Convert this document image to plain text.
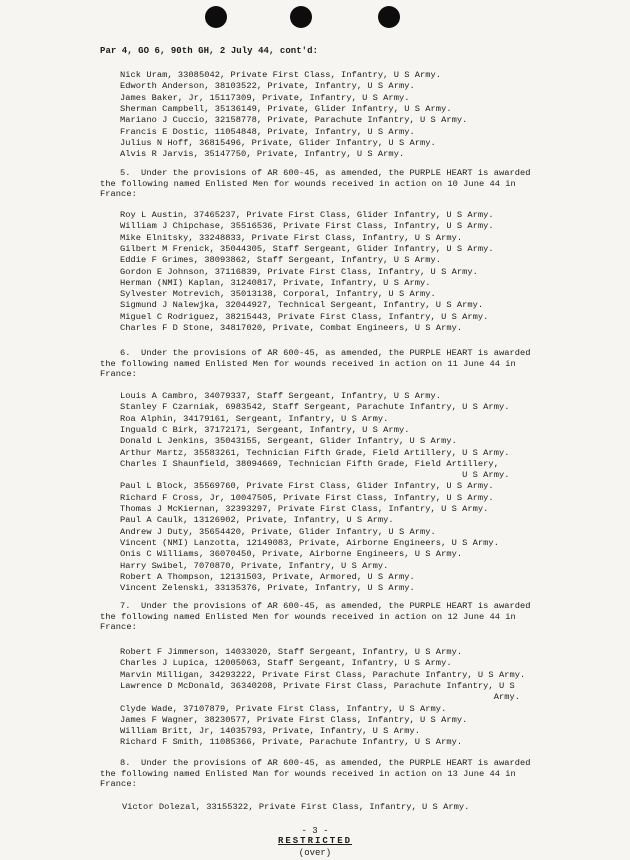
Par 4, GO 6, 90th GH, 2 July 44, cont'd:
Nick Uram, 33085042, Private First Class, Infantry, U S Army.
Edworth Anderson, 38103522, Private, Infantry, U S Army.
James Baker, Jr, 15117309, Private, Infantry, U S Army.
Sherman Campbell, 35136149, Private, Glider Infantry, U S Army.
Mariano J Cuccio, 32158778, Private, Parachute Infantry, U S Army.
Francis E Dostic, 11054848, Private, Infantry, U S Army.
Julius N Hoff, 36815496, Private, Glider Infantry, U S Army.
Alvis R Jarvis, 35147750, Private, Infantry, U S Army.
5.  Under the provisions of AR 600-45, as amended, the PURPLE HEART is awarded
the following named Enlisted Men for wounds received in action on 10 June 44 in
France:
Roy L Austin, 37465237, Private First Class, Glider Infantry, U S Army.
William J Chipchase, 35516536, Private First Class, Infantry, U S Army.
Mike Elnitsky, 33248833, Private First Class, Infantry, U S Army.
Gilbert M Frenick, 35044305, Staff Sergeant, Glider Infantry, U S Army.
Eddie F Grimes, 38093862, Staff Sergeant, Infantry, U S Army.
Gordon E Johnson, 37116839, Private First Class, Infantry, U S Army.
Herman (NMI) Kaplan, 31240817, Private, Infantry, U S Army.
Sylvester Motrevich, 35013138, Corporal, Infantry, U S Army.
Sigmund J Nalewjka, 32044927, Technical Sergeant, Infantry, U S Army.
Miguel C Rodriguez, 38215443, Private First Class, Infantry, U S Army.
Charles F D Stone, 34817020, Private, Combat Engineers, U S Army.
6.  Under the provisions of AR 600-45, as amended, the PURPLE HEART is awarded
the following named Enlisted Men for wounds received in action on 11 June 44 in
France:
Louis A Cambro, 34079337, Staff Sergeant, Infantry, U S Army.
Stanley F Czarniak, 6983542, Staff Sergeant, Parachute Infantry, U S Army.
Roa Alphin, 34179161, Sergeant, Infantry, U S Army.
Inguald C Birk, 37172171, Sergeant, Infantry, U S Army.
Donald L Jenkins, 35043155, Sergeant, Glider Infantry, U S Army.
Arthur Martz, 35583261, Technician Fifth Grade, Field Artillery, U S Army.
Charles I Shaunfield, 38094669, Technician Fifth Grade, Field Artillery,
U S Army.
Paul L Block, 35569760, Private First Class, Glider Infantry, U S Army.
Richard F Cross, Jr, 10047505, Private First Class, Infantry, U S Army.
Thomas J McKiernan, 32393297, Private First Class, Infantry, U S Army.
Paul A Caulk, 13126902, Private, Infantry, U S Army.
Andrew J Duty, 35654420, Private, Glider Infantry, U S Army.
Vincent (NMI) Lanzotta, 12149083, Private, Airborne Engineers, U S Army.
Onis C Williams, 36070450, Private, Airborne Engineers, U S Army.
Harry Swibel, 7070870, Private, Infantry, U S Army.
Robert A Thompson, 12131503, Private, Armored, U S Army.
Vincent Zelenski, 33135376, Private, Infantry, U S Army.
7.  Under the provisions of AR 600-45, as amended, the PURPLE HEART is awarded
the following named Enlisted Men for wounds received in action on 12 June 44 in
France:
Robert F Jimmerson, 14033020, Staff Sergeant, Infantry, U S Army.
Charles J Lupica, 12005063, Staff Sergeant, Infantry, U S Army.
Marvin Milligan, 34293222, Private First Class, Parachute Infantry, U S Army.
Lawrence D McDonald, 36340208, Private First Class, Parachute Infantry, U S
Army.
Clyde Wade, 37107879, Private First Class, Infantry, U S Army.
James F Wagner, 38230577, Private First Class, Infantry, U S Army.
William Britt, Jr, 14035793, Private, Infantry, U S Army.
Richard F Smith, 11085366, Private, Parachute Infantry, U S Army.
8.  Under the provisions of AR 600-45, as amended, the PURPLE HEART is awarded
the following named Enlisted Man for wounds received in action on 13 June 44 in
France:
Victor Dolezal, 33155322, Private First Class, Infantry, U S Army.
- 3 -
RESTRICTED
(over)
